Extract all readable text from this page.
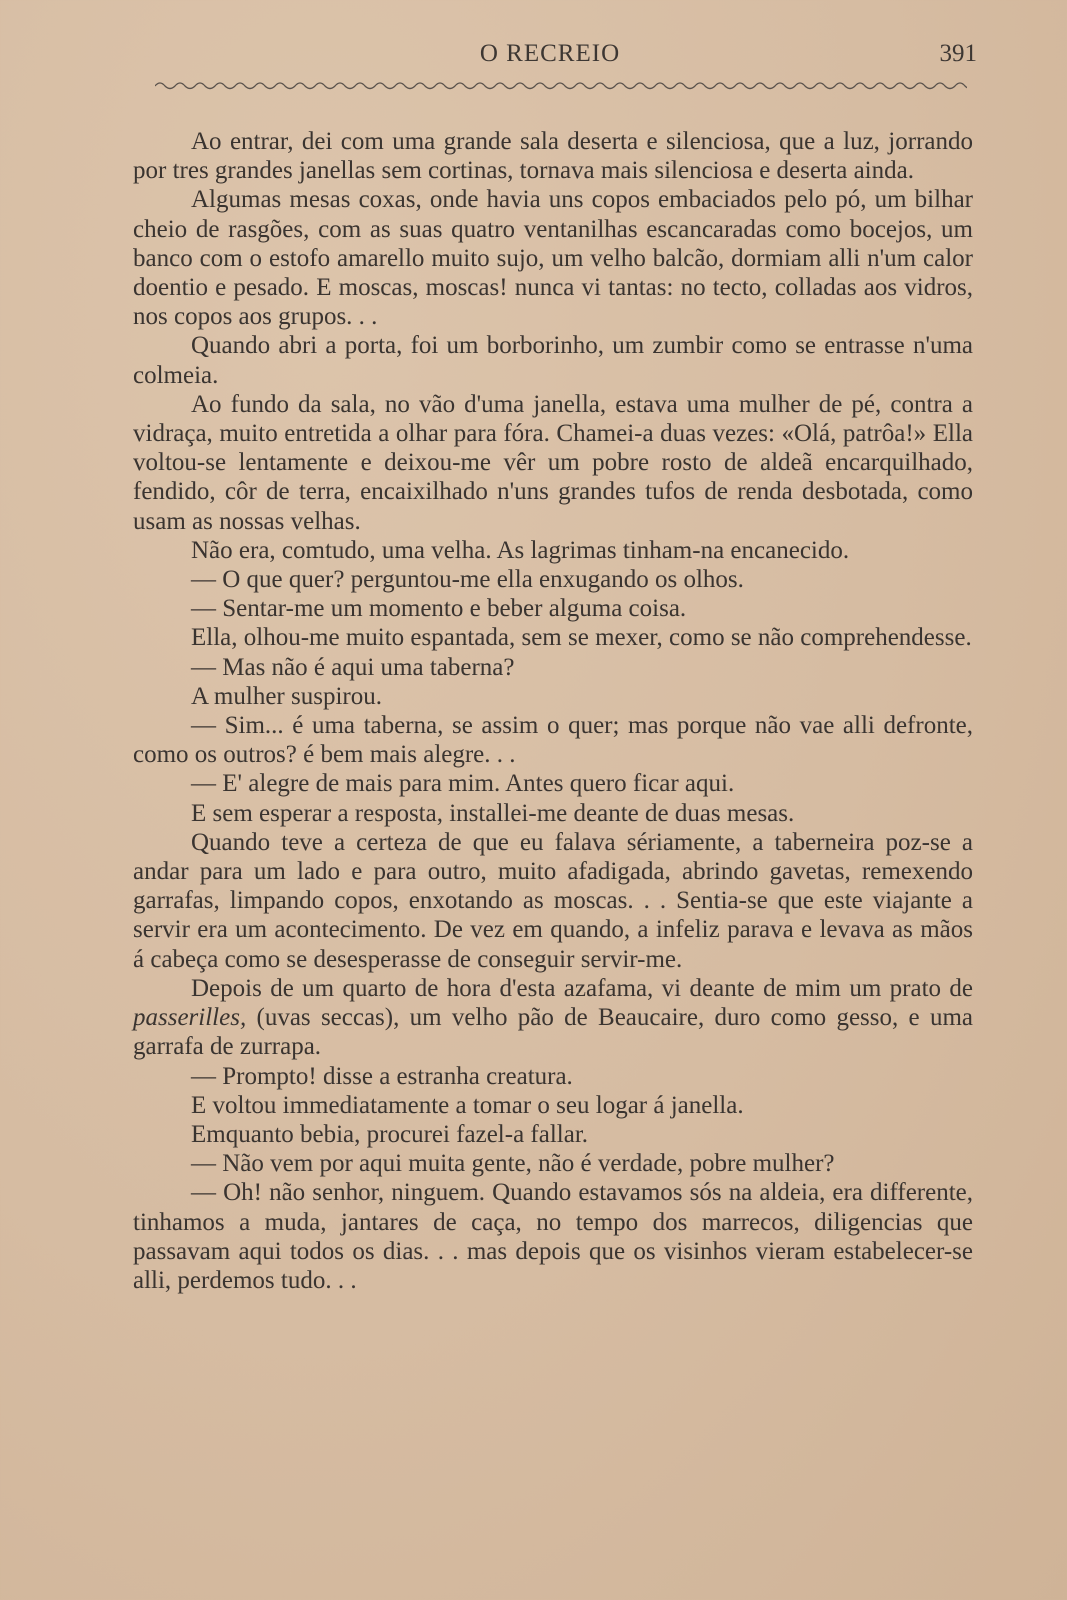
O RECREIO	391

Ao entrar, dei com uma grande sala deserta e silenciosa, que a luz, jorrando por tres grandes janellas sem cortinas, tornava mais silenciosa e deserta ainda.

Algumas mesas coxas, onde havia uns copos embaciados pelo pó, um bilhar cheio de rasgões, com as suas quatro ventanilhas escancaradas como bocejos, um banco com o estofo amarello muito sujo, um velho balcão, dormiam alli n'um calor doentio e pesado. E moscas, moscas! nunca vi tantas: no tecto, colladas aos vidros, nos copos aos grupos. . .

Quando abri a porta, foi um borborinho, um zumbir como se entrasse n'uma colmeia.

Ao fundo da sala, no vão d'uma janella, estava uma mulher de pé, contra a vidraça, muito entretida a olhar para fóra. Chamei-a duas vezes: «Olá, patrôa!» Ella voltou-se lentamente e deixou-me vêr um pobre rosto de aldeã encarquilhado, fendido, côr de terra, encaixilhado n'uns grandes tufos de renda desbotada, como usam as nossas velhas.

Não era, comtudo, uma velha. As lagrimas tinham-na encanecido.

— O que quer? perguntou-me ella enxugando os olhos.

— Sentar-me um momento e beber alguma coisa.

Ella, olhou-me muito espantada, sem se mexer, como se não comprehendesse.

— Mas não é aqui uma taberna?

A mulher suspirou.

— Sim... é uma taberna, se assim o quer; mas porque não vae alli defronte, como os outros? é bem mais alegre. . .

— E' alegre de mais para mim. Antes quero ficar aqui.

E sem esperar a resposta, installei-me deante de duas mesas.

Quando teve a certeza de que eu falava sériamente, a taberneira poz-se a andar para um lado e para outro, muito afadigada, abrindo gavetas, remexendo garrafas, limpando copos, enxotando as moscas. . . Sentia-se que este viajante a servir era um acontecimento. De vez em quando, a infeliz parava e levava as mãos á cabeça como se desesperasse de conseguir servir-me.

Depois de um quarto de hora d'esta azafama, vi deante de mim um prato de passerilles, (uvas seccas), um velho pão de Beaucaire, duro como gesso, e uma garrafa de zurrapa.

— Prompto! disse a estranha creatura.

E voltou immediatamente a tomar o seu logar á janella.

Emquanto bebia, procurei fazel-a fallar.

— Não vem por aqui muita gente, não é verdade, pobre mulher?

— Oh! não senhor, ninguem. Quando estavamos sós na aldeia, era differente, tinhamos a muda, jantares de caça, no tempo dos marrecos, diligencias que passavam aqui todos os dias. . . mas depois que os visinhos vieram estabelecer-se alli, perdemos tudo. . .
